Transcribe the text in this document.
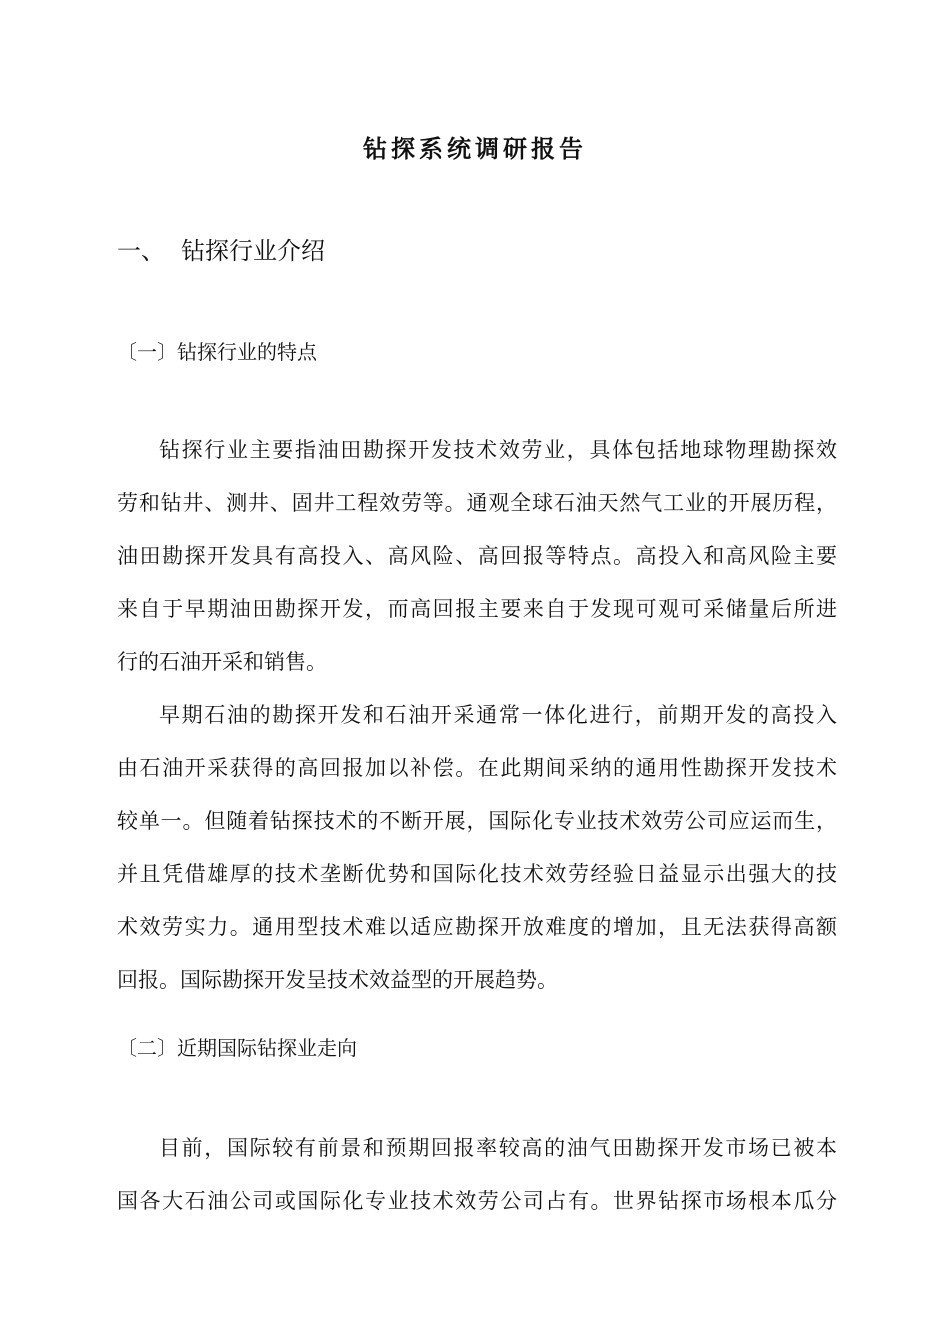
钻探系统调研报告
一、 钻探行业介绍
〔一〕钻探行业的特点
钻探行业主要指油田勘探开发技术效劳业，具体包括地球物理勘探效
劳和钻井、测井、固井工程效劳等。通观全球石油天然气工业的开展历程，
油田勘探开发具有高投入、高风险、高回报等特点。高投入和高风险主要
来自于早期油田勘探开发，而高回报主要来自于发现可观可采储量后所进
行的石油开采和销售。
早期石油的勘探开发和石油开采通常一体化进行，前期开发的高投入
由石油开采获得的高回报加以补偿。在此期间采纳的通用性勘探开发技术
较单一。但随着钻探技术的不断开展，国际化专业技术效劳公司应运而生，
并且凭借雄厚的技术垄断优势和国际化技术效劳经验日益显示出强大的技
术效劳实力。通用型技术难以适应勘探开放难度的增加，且无法获得高额
回报。国际勘探开发呈技术效益型的开展趋势。
〔二〕近期国际钻探业走向
目前，国际较有前景和预期回报率较高的油气田勘探开发市场已被本
国各大石油公司或国际化专业技术效劳公司占有。世界钻探市场根本瓜分
